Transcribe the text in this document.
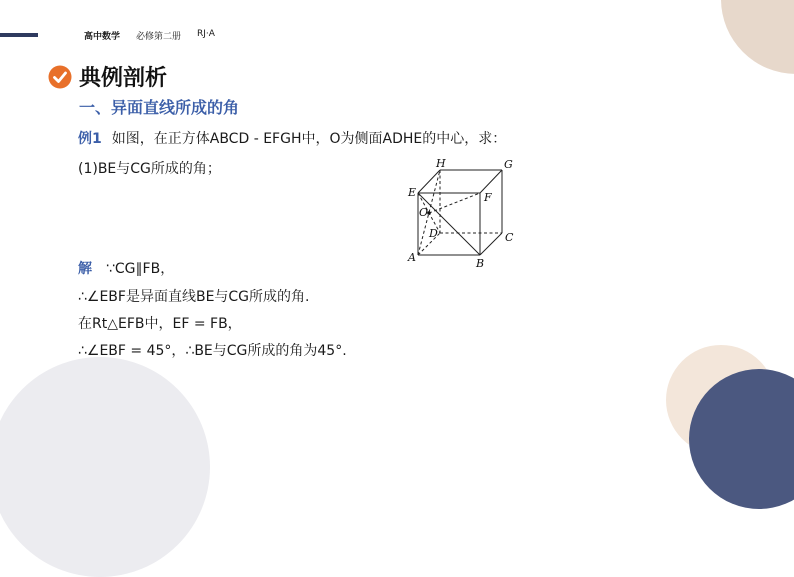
高中数学 必修第二册 RJ·A
典例剖析
一、异面直线所成的角
例1 如图，在正方体ABCD - EFGH中，O为侧面ADHE的中心，求：
(1)BE与CG所成的角；	H	G
E	F
O
D	C
A	B
解 ∵CG∥FB，
∴∠EBF是异面直线BE与CG所成的角.
在Rt△EFB中，EF = FB，
∴∠EBF = 45°，∴BE与CG所成的角为45°.
